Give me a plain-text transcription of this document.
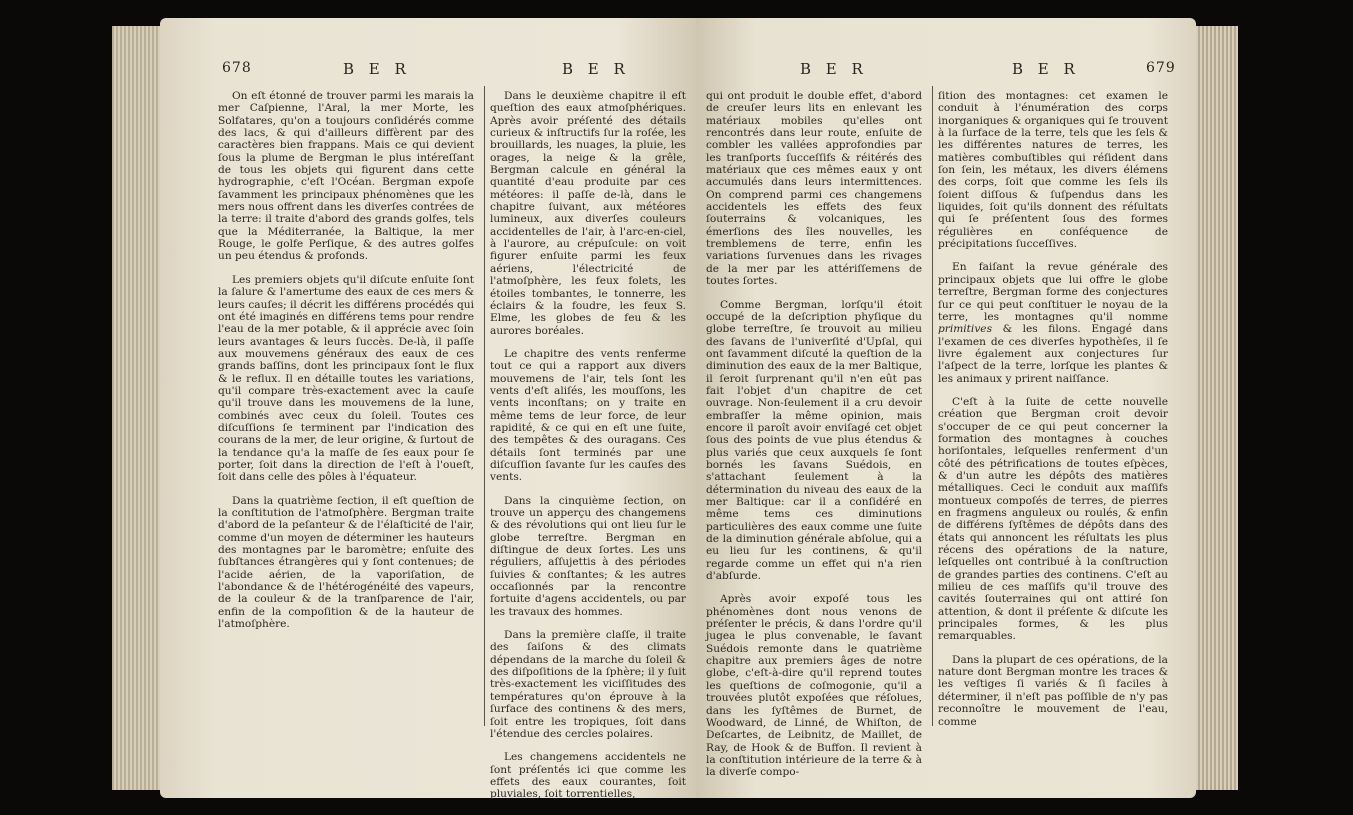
678	B E R	B E R

On eſt étonné de trouver parmi les marais la mer Caſpienne, l'Aral, la mer Morte, les Solfatares, qu'on a toujours conſidérés comme des lacs, & qui d'ailleurs diffèrent par des caractères bien frappans. Mais ce qui devient ſous la plume de Bergman le plus intéreſſant de tous les objets qui figurent dans cette hydrographie, c'eſt l'Océan. Bergman expoſe ſavamment les principaux phénomènes que les mers nous offrent dans les diverſes contrées de la terre: il traite d'abord des grands golfes, tels que la Méditerranée, la Baltique, la mer Rouge, le golfe Perſique, & des autres golfes un peu étendus & profonds.

Les premiers objets qu'il diſcute enſuite ſont la ſalure & l'amertume des eaux de ces mers & leurs cauſes; il décrit les différens procédés qui ont été imaginés en différens tems pour rendre l'eau de la mer potable, & il apprécie avec ſoin leurs avantages & leurs ſuccès. De-là, il paſſe aux mouvemens généraux des eaux de ces grands baſſins, dont les principaux ſont le flux & le reflux. Il en détaille toutes les variations, qu'il compare très-exactement avec la cauſe qu'il trouve dans les mouvemens de la lune, combinés avec ceux du ſoleil. Toutes ces diſcuſſions ſe terminent par l'indication des courans de la mer, de leur origine, & ſurtout de la tendance qu'a la maſſe de ſes eaux pour ſe porter, ſoit dans la direction de l'eſt à l'oueſt, ſoit dans celle des pôles à l'équateur.

Dans la quatrième ſection, il eſt queſtion de la conſtitution de l'atmoſphère. Bergman traite d'abord de la peſanteur & de l'élaſticité de l'air, comme d'un moyen de déterminer les hauteurs des montagnes par le baromètre; enſuite des ſubſtances étrangères qui y ſont contenues; de l'acide aérien, de la vaporiſation, de l'abondance & de l'hétérogénéité des vapeurs, de la couleur & de la tranſparence de l'air, enfin de la compoſition & de la hauteur de l'atmoſphère.

Dans le deuxième chapitre il eſt queſtion des eaux atmoſphériques. Après avoir préſenté des détails curieux & inſtructifs ſur la roſée, les brouillards, les nuages, la pluie, les orages, la neige & la grêle, Bergman calcule en général la quantité d'eau produite par ces météores: il paſſe de-là, dans le chapitre ſuivant, aux météores lumineux, aux diverſes couleurs accidentelles de l'air, à l'arc-en-ciel, à l'aurore, au crépuſcule: on voit figurer enſuite parmi les feux aériens, l'électricité de l'atmoſphère, les feux folets, les étoiles tombantes, le tonnerre, les éclairs & la foudre, les feux S. Elme, les globes de feu & les aurores boréales.

Le chapitre des vents renferme tout ce qui a rapport aux divers mouvemens de l'air, tels ſont les vents d'eſt aliſés, les mouſſons, les vents inconſtans; on y traite en même tems de leur force, de leur rapidité, & ce qui en eſt une ſuite, des tempêtes & des ouragans. Ces détails ſont terminés par une diſcuſſion ſavante ſur les cauſes des vents.

Dans la cinquième ſection, on trouve un apperçu des changemens & des révolutions qui ont lieu ſur le globe terreſtre. Bergman en diſtingue de deux ſortes. Les uns réguliers, aſſujettis à des périodes ſuivies & conſtantes; & les autres occaſionnés par la rencontre fortuite d'agens accidentels, ou par les travaux des hommes.

Dans la première claſſe, il traite des ſaiſons & des climats dépendans de la marche du ſoleil & des diſpoſitions de la ſphère; il y ſuit très-exactement les viciſſitudes des températures qu'on éprouve à la ſurface des continens & des mers, ſoit entre les tropiques, ſoit dans l'étendue des cercles polaires.

Les changemens accidentels ne ſont préſentés ici que comme les effets des eaux courantes, ſoit pluviales, ſoit torrentielles,

B E R	B E R	679

qui ont produit le double effet, d'abord de creuſer leurs lits en enlevant les matériaux mobiles qu'elles ont rencontrés dans leur route, enſuite de combler les vallées approfondies par les tranſports ſucceſſifs & réitérés des matériaux que ces mêmes eaux y ont accumulés dans leurs intermittences. On comprend parmi ces changemens accidentels les effets des feux ſouterrains & volcaniques, les émerſions des îles nouvelles, les tremblemens de terre, enfin les variations ſurvenues dans les rivages de la mer par les attériſſemens de toutes ſortes.

Comme Bergman, lorſqu'il étoit occupé de la deſcription phyſique du globe terreſtre, ſe trouvoit au milieu des ſavans de l'univerſité d'Upſal, qui ont ſavamment diſcuté la queſtion de la diminution des eaux de la mer Baltique, il ſeroit ſurprenant qu'il n'en eût pas fait l'objet d'un chapitre de cet ouvrage. Non-ſeulement il a cru devoir embraſſer la même opinion, mais encore il paroît avoir enviſagé cet objet ſous des points de vue plus étendus & plus variés que ceux auxquels ſe ſont bornés les ſavans Suédois, en s'attachant ſeulement à la détermination du niveau des eaux de la mer Baltique: car il a conſidéré en même tems ces diminutions particulières des eaux comme une ſuite de la diminution générale abſolue, qui a eu lieu ſur les continens, & qu'il regarde comme un effet qui n'a rien d'abſurde.

Après avoir expoſé tous les phénomènes dont nous venons de préſenter le précis, & dans l'ordre qu'il jugea le plus convenable, le ſavant Suédois remonte dans le quatrième chapitre aux premiers âges de notre globe, c'eſt-à-dire qu'il reprend toutes les queſtions de coſmogonie, qu'il a trouvées plutôt expoſées que réſolues, dans les ſyſtêmes de Burnet, de Woodward, de Linné, de Whiſton, de Deſcartes, de Leibnitz, de Maillet, de Ray, de Hook & de Buffon. Il revient à la conſtitution intérieure de la terre & à la diverſe compo-

ſition des montagnes: cet examen le conduit à l'énumération des corps inorganiques & organiques qui ſe trouvent à la ſurface de la terre, tels que les ſels & les différentes natures de terres, les matières combuſtibles qui réſident dans ſon ſein, les métaux, les divers élémens des corps, ſoit que comme les ſels ils ſoient diſſous & ſuſpendus dans les liquides, ſoit qu'ils donnent des réſultats qui ſe préſentent ſous des formes régulières en conſéquence de précipitations ſucceſſives.

En faiſant la revue générale des principaux objets que lui offre le globe terreſtre, Bergman forme des conjectures ſur ce qui peut conſtituer le noyau de la terre, les montagnes qu'il nomme primitives & les filons. Engagé dans l'examen de ces diverſes hypothèſes, il ſe livre également aux conjectures ſur l'aſpect de la terre, lorſque les plantes & les animaux y prirent naiſſance.

C'eſt à la ſuite de cette nouvelle création que Bergman croit devoir s'occuper de ce qui peut concerner la formation des montagnes à couches horiſontales, leſquelles renferment d'un côté des pétrifications de toutes eſpèces, & d'un autre les dépôts des matières métalliques. Ceci le conduit aux maſſifs montueux compoſés de terres, de pierres en fragmens anguleux ou roulés, & enfin de différens ſyſtêmes de dépôts dans des états qui annoncent les réſultats les plus récens des opérations de la nature, leſquelles ont contribué à la conſtruction de grandes parties des continens. C'eſt au milieu de ces maſſifs qu'il trouve des cavités ſouterraines qui ont attiré ſon attention, & dont il préſente & diſcute les principales formes, & les plus remarquables.

Dans la plupart de ces opérations, de la nature dont Bergman montre les traces & les veſtiges ſi variés & ſi faciles à déterminer, il n'eſt pas poſſible de n'y pas reconnoître le mouvement de l'eau, comme
